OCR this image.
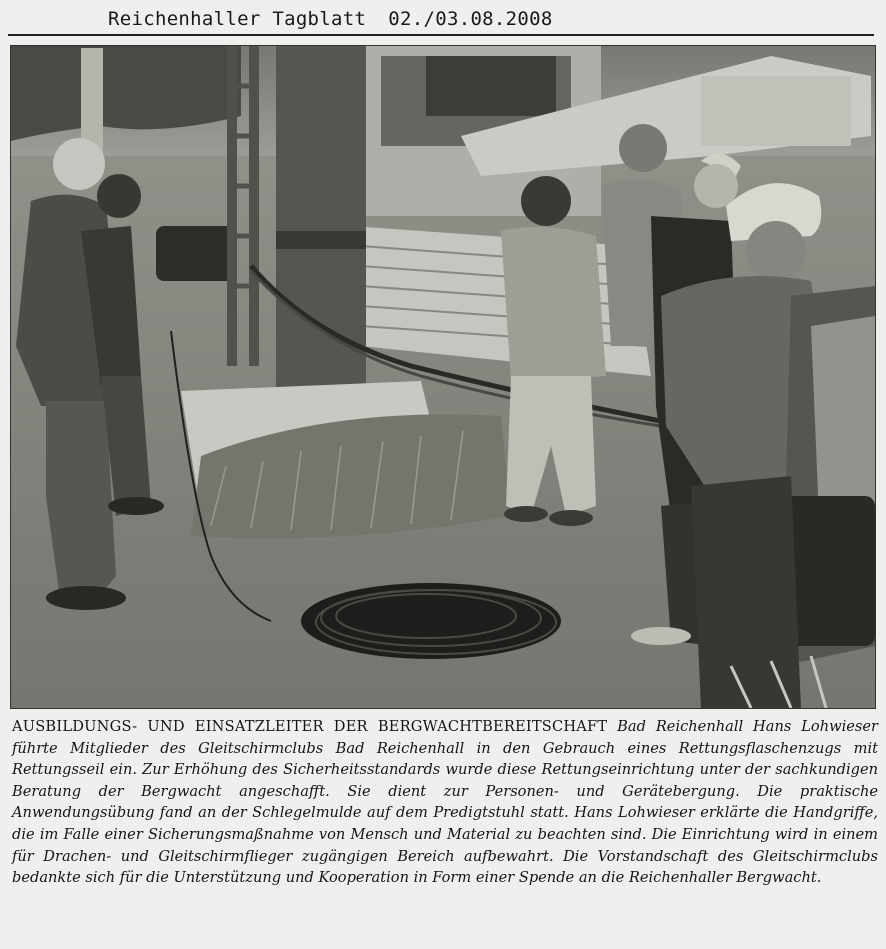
Reichenhaller Tagblatt 02./03.08.2008
AUSBILDUNGS- UND EINSATZLEITER DER BERGWACHTBEREITSCHAFT Bad Reichenhall Hans Lohwieser führte Mitglieder des Gleitschirmclubs Bad Reichenhall in den Gebrauch eines Rettungsflaschenzugs mit Rettungsseil ein. Zur Erhöhung des Sicherheitsstandards wurde diese Rettungseinrichtung unter der sachkundigen Beratung der Bergwacht angeschafft. Sie dient zur Personen- und Gerätebergung. Die praktische Anwendungsübung fand an der Schlegelmulde auf dem Predigtstuhl statt. Hans Lohwieser erklärte die Handgriffe, die im Falle einer Sicherungsmaßnahme von Mensch und Material zu beachten sind. Die Einrichtung wird in einem für Drachen- und Gleitschirmflieger zugängigen Bereich aufbewahrt. Die Vorstandschaft des Gleitschirmclubs bedankte sich für die Unterstützung und Kooperation in Form einer Spende an die Reichenhaller Bergwacht.
